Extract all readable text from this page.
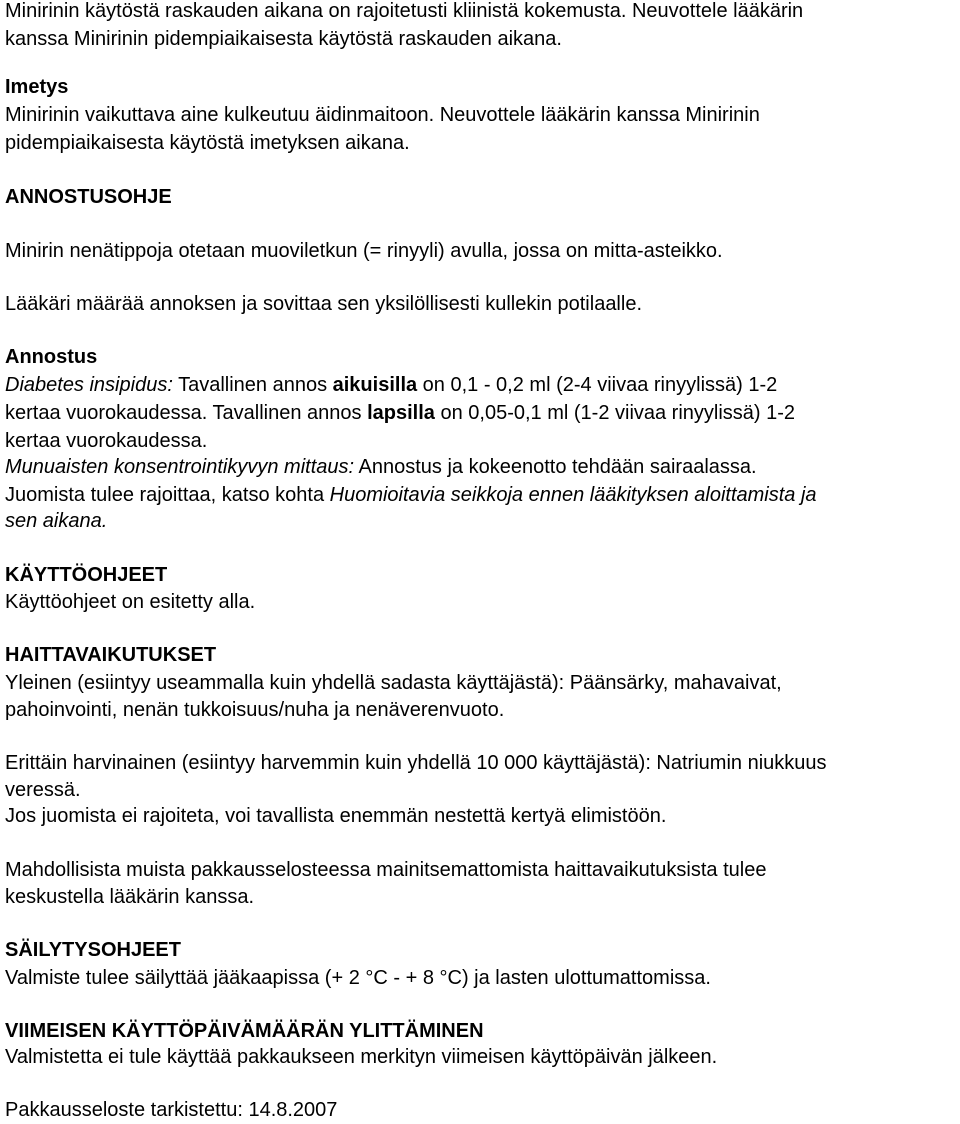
Minirinin käytöstä raskauden aikana on rajoitetusti kliinistä kokemusta. Neuvottele lääkärin
kanssa Minirinin pidempiaikaisesta käytöstä raskauden aikana.
Imetys
Minirinin vaikuttava aine kulkeutuu äidinmaitoon. Neuvottele lääkärin kanssa Minirinin
pidempiaikaisesta käytöstä imetyksen aikana.
ANNOSTUSOHJE
Minirin nenätippoja otetaan muoviletkun (= rinyyli) avulla, jossa on mitta-asteikko.
Lääkäri määrää annoksen ja sovittaa sen yksilöllisesti kullekin potilaalle.
Annostus
Diabetes insipidus: Tavallinen annos aikuisilla on 0,1 - 0,2 ml (2-4 viivaa rinyylissä) 1-2
kertaa vuorokaudessa. Tavallinen annos lapsilla on 0,05-0,1 ml (1-2 viivaa rinyylissä) 1-2
kertaa vuorokaudessa.
Munuaisten konsentrointikyvyn mittaus: Annostus ja kokeenotto tehdään sairaalassa.
Juomista tulee rajoittaa, katso kohta Huomioitavia seikkoja ennen lääkityksen aloittamista ja
sen aikana.
KÄYTTÖOHJEET
Käyttöohjeet on esitetty alla.
HAITTAVAIKUTUKSET
Yleinen (esiintyy useammalla kuin yhdellä sadasta käyttäjästä): Päänsärky, mahavaivat,
pahoinvointi, nenän tukkoisuus/nuha ja nenäverenvuoto.
Erittäin harvinainen (esiintyy harvemmin kuin yhdellä 10 000 käyttäjästä): Natriumin niukkuus
veressä.
Jos juomista ei rajoiteta, voi tavallista enemmän nestettä kertyä elimistöön.
Mahdollisista muista pakkausselosteessa mainitsemattomista haittavaikutuksista tulee
keskustella lääkärin kanssa.
SÄILYTYSOHJEET
Valmiste tulee säilyttää jääkaapissa (+ 2 °C - + 8 °C) ja lasten ulottumattomissa.
VIIMEISEN KÄYTTÖPÄIVÄMÄÄRÄN YLITTÄMINEN
Valmistetta ei tule käyttää pakkaukseen merkityn viimeisen käyttöpäivän jälkeen.
Pakkausseloste tarkistettu: 14.8.2007
